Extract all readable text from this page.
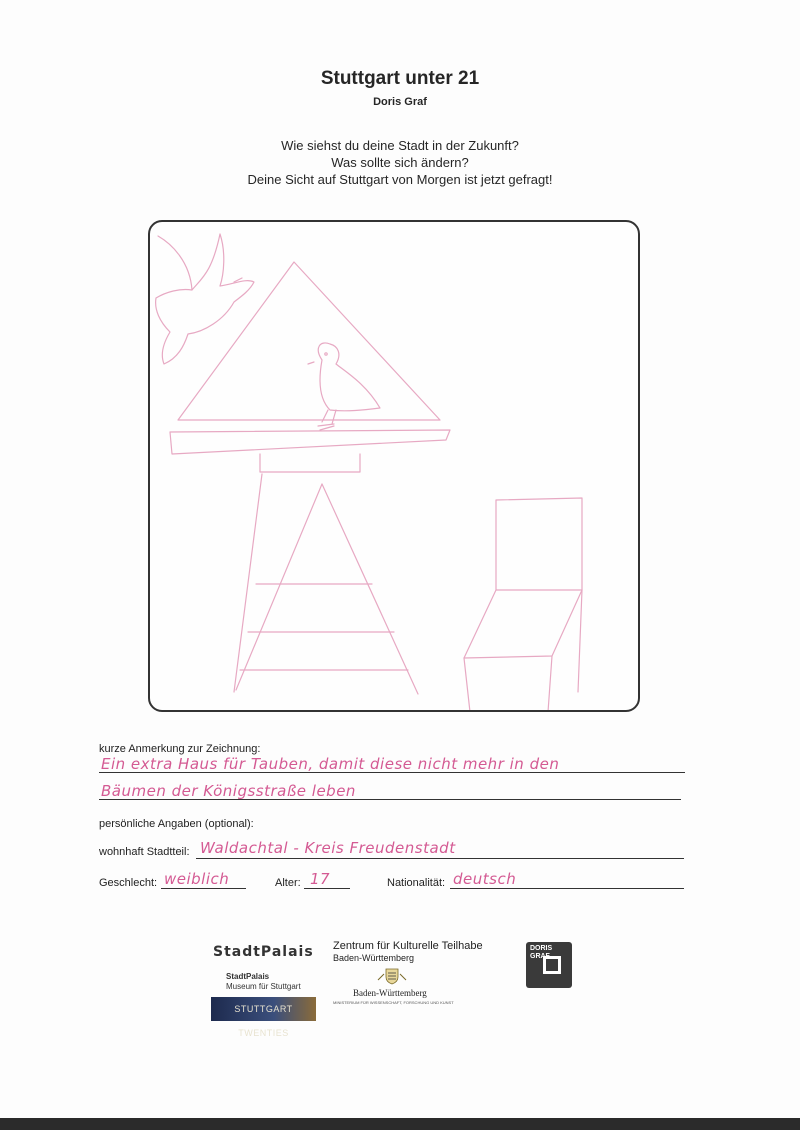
Stuttgart unter 21
Doris Graf
Wie siehst du deine Stadt in der Zukunft?
Was sollte sich ändern?
Deine Sicht auf Stuttgart von Morgen ist jetzt gefragt!
kurze Anmerkung zur Zeichnung:
Ein extra Haus für Tauben, damit diese nicht mehr in den
Bäumen der Königsstraße leben
persönliche Angaben (optional):
wohnhaft Stadtteil: Waldachtal - Kreis Freudenstadt
Geschlecht: weiblich	Alter: 17	Nationalität: deutsch
StadtPalais
StadtPalais
Museum für Stuttgart
STUTTGART TWENTIES
Zentrum für Kulturelle Teilhabe
Baden-Württemberg
Baden-Württemberg
MINISTERIUM FÜR WISSENSCHAFT, FORSCHUNG UND KUNST
DORIS GRAF
